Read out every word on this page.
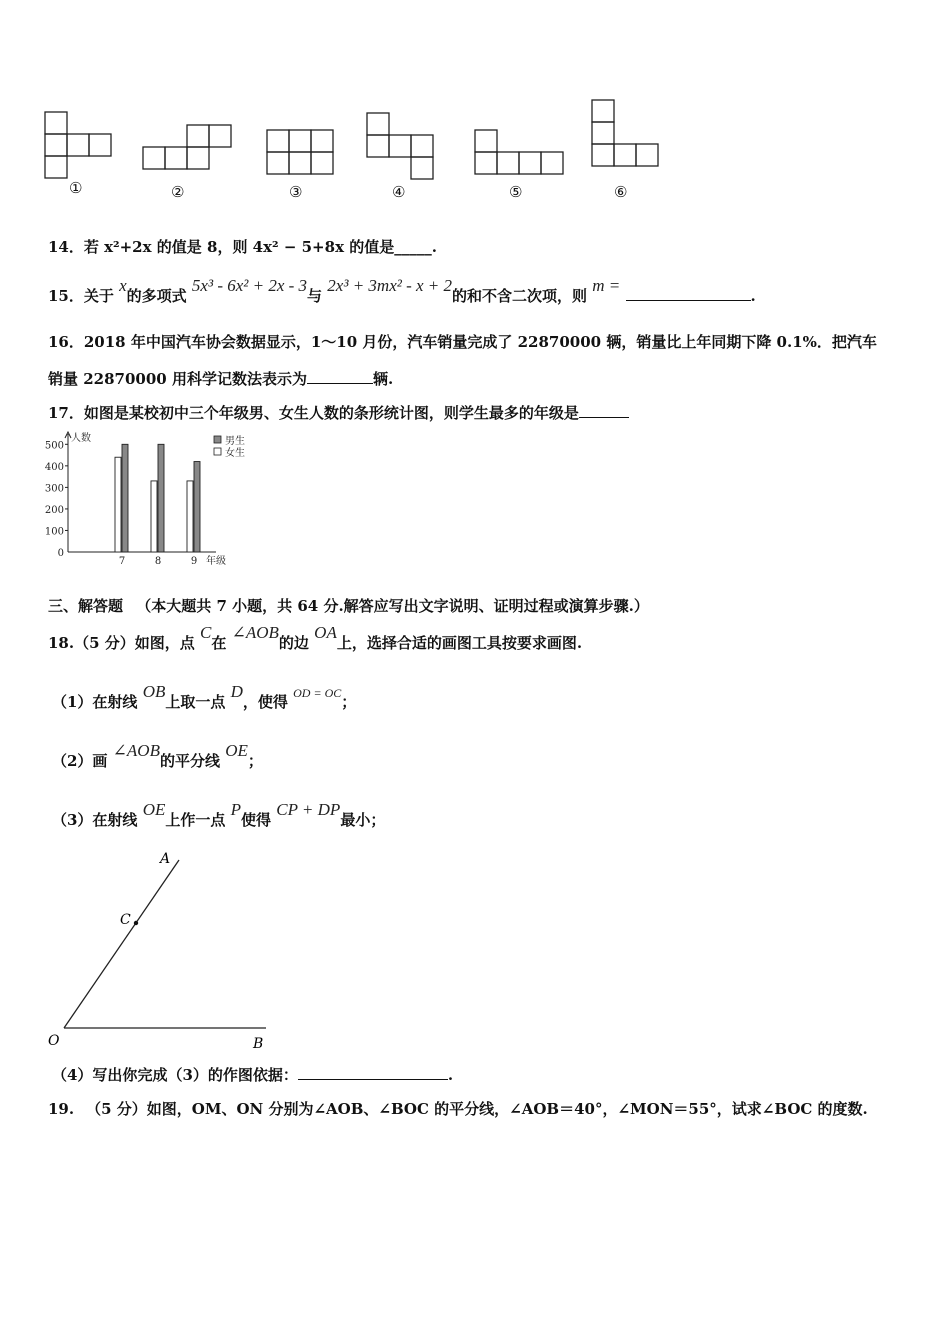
①	②	③	④	⑤	⑥
14．若 x²+2x 的值是 8，则 4x² − 5+8x 的值是_____.
15．关于 x的多项式 5x³ - 6x² + 2x - 3与 2x³ + 3mx² - x + 2的和不含二次项，则 m = .
16．2018 年中国汽车协会数据显示，1～10 月份，汽车销量完成了 22870000 辆，销量比上年同期下降 0.1%．把汽车
销量 22870000 用科学记数法表示为	辆.
17．如图是某校初中三个年级男、女生人数的条形统计图，则学生最多的年级是
0
100
200
300
400
500
人数
7	8	9 年级
男生
女生
三、解答题 （本大题共 7 小题，共 64 分.解答应写出文字说明、证明过程或演算步骤.）
18.（5 分）如图，点 C在 ∠AOB的边 OA上，选择合适的画图工具按要求画图.
（1）在射线 OB上取一点 D，使得 $^{OD = OC}$；
（2）画 ∠AOB的平分线 OE；
（3）在射线 OE上作一点 P使得 CP + DP最小；
A
C
O	B
（4）写出你完成（3）的作图依据：	.
19. （5 分）如图，OM、ON 分别为∠AOB、∠BOC 的平分线，∠AOB＝40°，∠MON＝55°，试求∠BOC 的度数.
